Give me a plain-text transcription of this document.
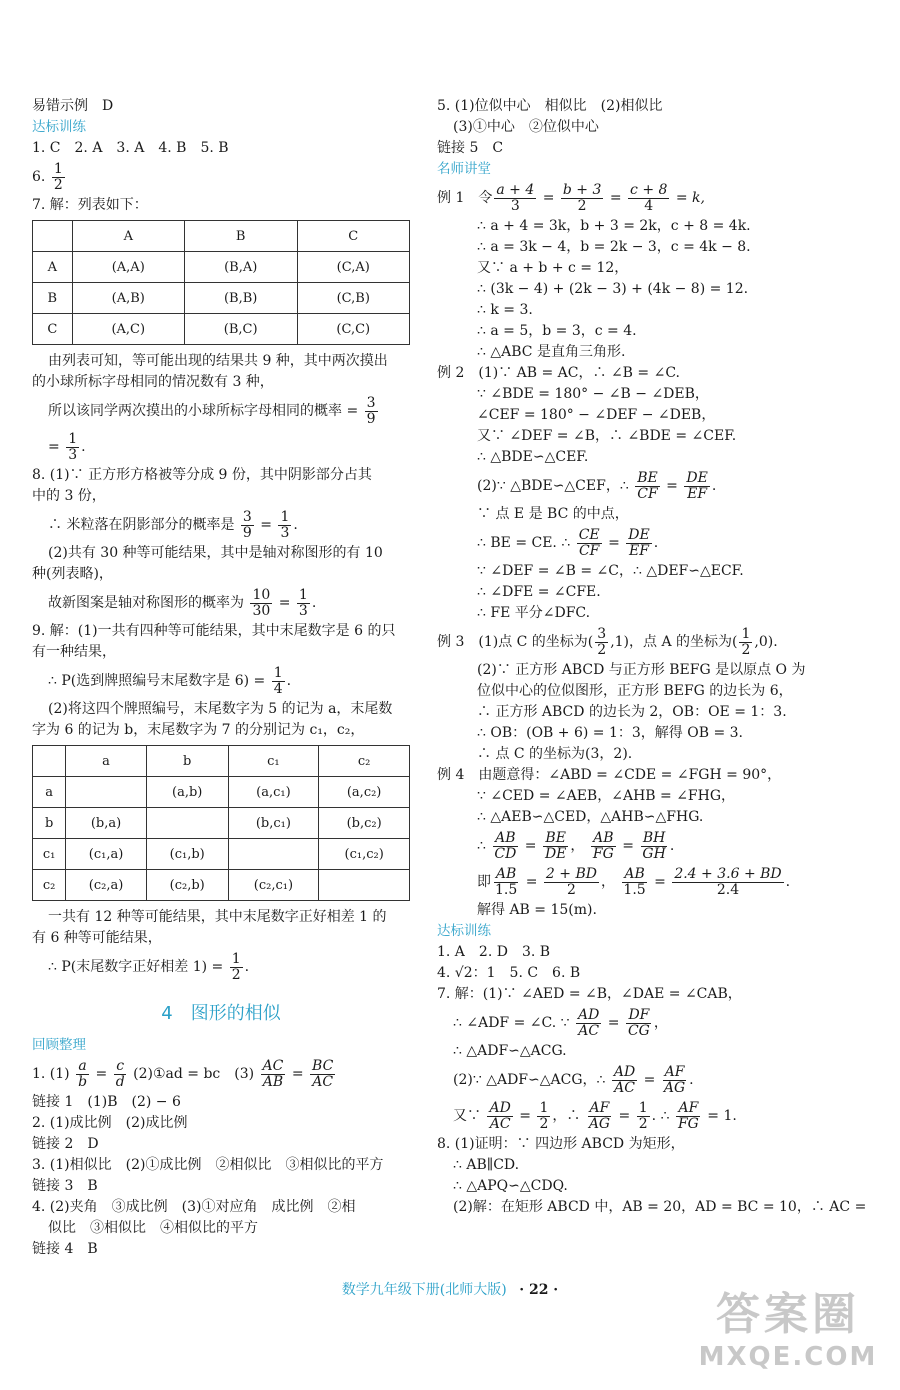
易错示例　D
达标训练
1. C　2. A　3. A　4. B　5. B
6. $\frac{1}{2}$
7. 解：列表如下：
	A	B	C
A	(A,A)	(B,A)	(C,A)
B	(A,B)	(B,B)	(C,B)
C	(A,C)	(B,C)	(C,C)
由列表可知，等可能出现的结果共 9 种，其中两次摸出
的小球所标字母相同的情况数有 3 种，
所以该同学两次摸出的小球所标字母相同的概率 = $\frac{3}{9}$
= $\frac{1}{3}$ .
8. (1)∵ 正方形方格被等分成 9 份，其中阴影部分占其
中的 3 份，
∴ 米粒落在阴影部分的概率是 $\frac{3}{9} = \frac{1}{3}$ .
(2)共有 30 种等可能结果，其中是轴对称图形的有 10
种(列表略)，
故新图案是轴对称图形的概率为 $\frac{10}{30} = \frac{1}{3}$ .
9. 解：(1)一共有四种等可能结果，其中末尾数字是 6 的只
有一种结果，
∴ P(选到牌照编号末尾数字是 $6) = \frac{1}{4}$ .
(2)将这四个牌照编号，末尾数字为 5 的记为 a，末尾数
字为 6 的记为 b，末尾数字为 7 的分别记为 c₁，c₂，
	a	b	c₁	c₂
a		(a,b)	(a,c₁)	(a,c₂)
b	(b,a)		(b,c₁)	(b,c₂)
c₁	(c₁,a)	(c₁,b)		(c₁,c₂)
c₂	(c₂,a)	(c₂,b)	(c₂,c₁)	
一共有 12 种等可能结果，其中末尾数字正好相差 1 的
有 6 种等可能结果，
∴ P(末尾数字正好相差 $1) = \frac{1}{2}$ .
4　图形的相似
回顾整理
1. $(1) \frac{a}{b} = \frac{c}{d}$ (2)①ad = bc　$(3) \frac{AC}{AB} = \frac{BC}{AC}$
链接 1　(1)B　(2) − 6
2. (1)成比例　(2)成比例
链接 2　D
3. (1)相似比　(2)①成比例　②相似比　③相似比的平方
链接 3　B
4. (2)夹角　③成比例　(3)①对应角　成比例　②相
似比　③相似比　④相似比的平方
链接 4　B
5. (1)位似中心　相似比　(2)相似比
(3)①中心　②位似中心
链接 5　C
名师讲堂
例 1　 令 $\frac{a + 4}{3} = \frac{b + 3}{2} = \frac{c + 8}{4} = k$,
∴ a + 4 = 3k，b + 3 = 2k，c + 8 = 4k.
∴ a = 3k − 4，b = 2k − 3，c = 4k − 8.
又∵ a + b + c = 12，
∴ (3k − 4) + (2k − 3) + (4k − 8) = 12.
∴ k = 3.
∴ a = 5，b = 3，c = 4.
∴ △ABC 是直角三角形.
例 2　 (1)∵ AB = AC，∴ ∠B = ∠C.
∵ ∠BDE = 180° − ∠B − ∠DEB，
∠CEF = 180° − ∠DEF − ∠DEB，
又∵ ∠DEF = ∠B，∴ ∠BDE = ∠CEF.
∴ △BDE∽△CEF.
(2)∵ △BDE∽△CEF，∴ $\frac{BE}{CF} = \frac{DE}{EF}$ .
∵ 点 E 是 BC 的中点，
∴ BE = CE. ∴ $\frac{CE}{CF} = \frac{DE}{EF}$ .
∵ ∠DEF = ∠B = ∠C，∴ △DEF∽△ECF.
∴ ∠DFE = ∠CFE.
∴ FE 平分∠DFC.
例 3　 (1)点 C 的坐标为( $\frac{3}{2} ,1$)，点 A 的坐标为( $\frac{1}{2} ,0$).
(2)∵ 正方形 ABCD 与正方形 BEFG 是以原点 O 为
位似中心的位似图形，正方形 BEFG 的边长为 6，
∴ 正方形 ABCD 的边长为 2，OB：OE = 1：3.
∴ OB：(OB + 6) = 1：3，解得 OB = 3.
∴ 点 C 的坐标为(3，2).
例 4　 由题意得：∠ABD = ∠CDE = ∠FGH = 90°，
∵ ∠CED = ∠AEB，∠AHB = ∠FHG，
∴ △AEB∽△CED，△AHB∽△FHG.
∴ $\frac{AB}{CD} = \frac{BE}{DE}$ ， $\frac{AB}{FG} = \frac{BH}{GH}$ .
即 $\frac{AB}{1.5} = \frac{2 + BD}{2}$ ， $\frac{AB}{1.5} = \frac{2.4 + 3.6 + BD}{2.4}$ .
解得 AB = 15(m).
达标训练
1. A　2. D　3. B
4. √2：1　5. C　6. B
7. 解：(1)∵ ∠AED = ∠B，∠DAE = ∠CAB，
∴ ∠ADF = ∠C. ∵ $\frac{AD}{AC} = \frac{DF}{CG}$ ，
∴ △ADF∽△ACG.
(2)∵ △ADF∽△ACG，∴ $\frac{AD}{AC} = \frac{AF}{AG}$ .
又∵ $\frac{AD}{AC} = \frac{1}{2}$ ，∴ $\frac{AF}{AG} = \frac{1}{2}$ . ∴ $\frac{AF}{FG} = 1$.
8. (1)证明：∵ 四边形 ABCD 为矩形，
∴ AB∥CD.
∴ △APQ∽△CDQ.
(2)解：在矩形 ABCD 中，AB = 20，AD = BC = 10，∴ AC =
数学九年级下册(北师大版) · 22 ·	答案圈
MXQE.COM
